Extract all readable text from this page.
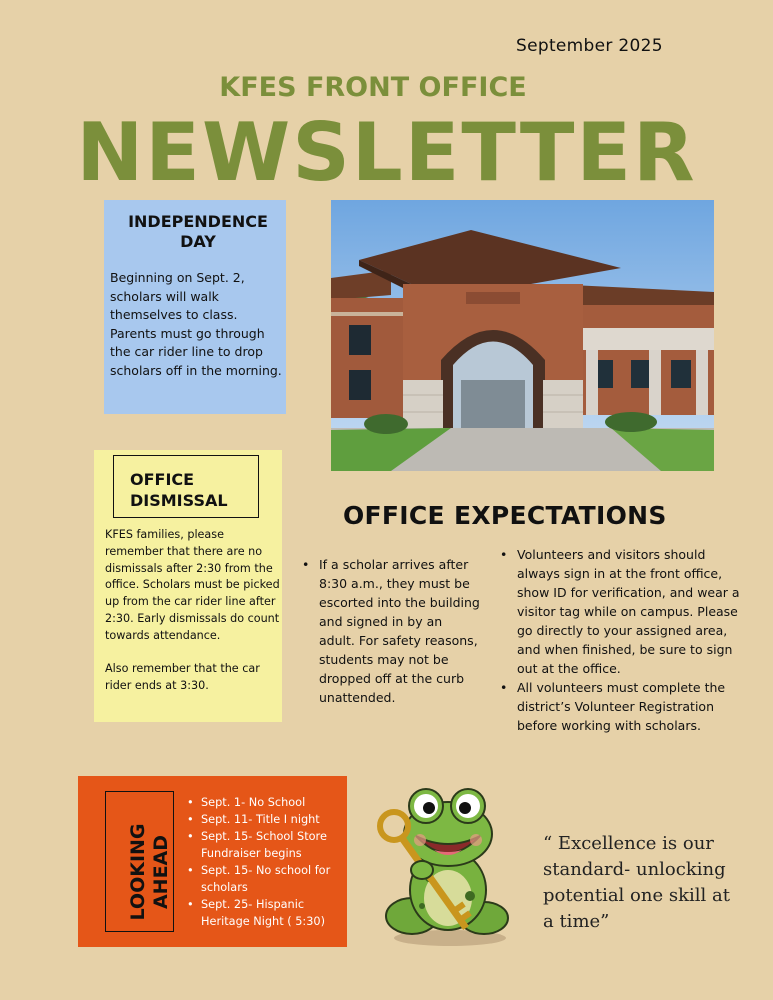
September 2025
KFES FRONT OFFICE
NEWSLETTER
INDEPENDENCE DAY
Beginning on Sept. 2, scholars will walk themselves to class. Parents must go through the car rider line to drop scholars off in the morning.
OFFICE DISMISSAL

KFES families, please remember that there are no dismissals after 2:30 from the office. Scholars must be picked up from the car rider line after 2:30. Early dismissals do count towards attendance.

Also remember that the car rider ends at 3:30.

OFFICE EXPECTATIONS
• If a scholar arrives after 8:30 a.m., they must be escorted into the building and signed in by an adult. For safety reasons, students may not be dropped off at the curb unattended.
• Volunteers and visitors should always sign in at the front office, show ID for verification, and wear a visitor tag while on campus. Please go directly to your assigned area, and when finished, be sure to sign out at the office.
• All volunteers must complete the district’s Volunteer Registration before working with scholars.
LOOKING AHEAD
• Sept. 1- No School
• Sept. 11- Title I night
• Sept. 15- School Store Fundraiser begins
• Sept. 15- No school for scholars
• Sept. 25- Hispanic Heritage Night ( 5:30)
“ Excellence is our standard- unlocking potential one skill at a time”
